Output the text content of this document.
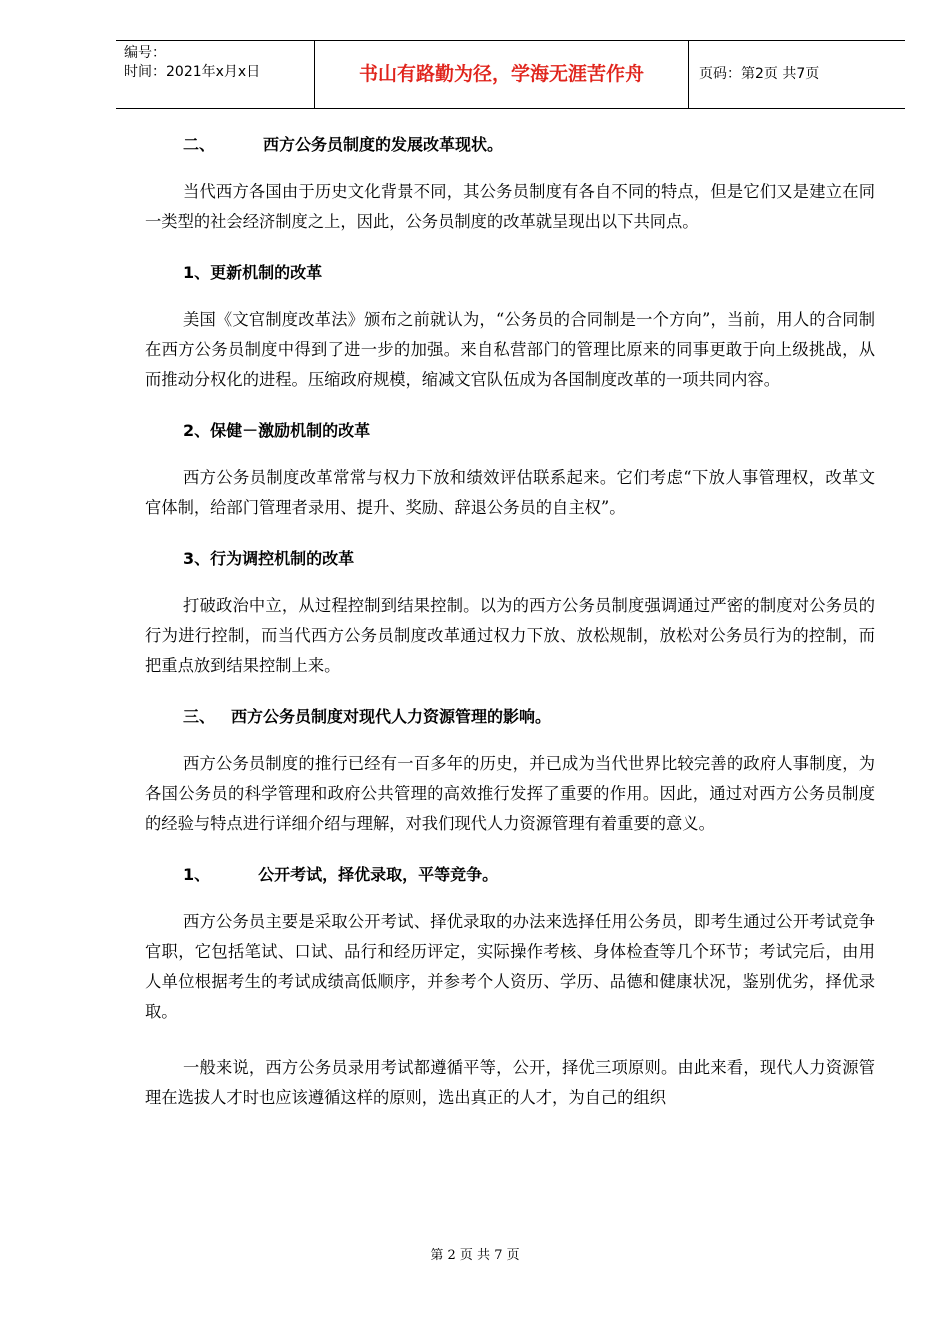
编号：
时间：2021年x月x日	书山有路勤为径，学海无涯苦作舟	页码：第2页 共7页
二、	西方公务员制度的发展改革现状。

当代西方各国由于历史文化背景不同，其公务员制度有各自不同的特点，但是它们又是建立在同一类型的社会经济制度之上，因此，公务员制度的改革就呈现出以下共同点。

1、更新机制的改革

美国《文官制度改革法》颁布之前就认为，“公务员的合同制是一个方向”，当前，用人的合同制在西方公务员制度中得到了进一步的加强。来自私营部门的管理比原来的同事更敢于向上级挑战，从而推动分权化的进程。压缩政府规模，缩减文官队伍成为各国制度改革的一项共同内容。

2、保健－激励机制的改革

西方公务员制度改革常常与权力下放和绩效评估联系起来。它们考虑“下放人事管理权，改革文官体制，给部门管理者录用、提升、奖励、辞退公务员的自主权”。

3、行为调控机制的改革

打破政治中立，从过程控制到结果控制。以为的西方公务员制度强调通过严密的制度对公务员的行为进行控制，而当代西方公务员制度改革通过权力下放、放松规制，放松对公务员行为的控制，而把重点放到结果控制上来。

三、 西方公务员制度对现代人力资源管理的影响。

西方公务员制度的推行已经有一百多年的历史，并已成为当代世界比较完善的政府人事制度，为各国公务员的科学管理和政府公共管理的高效推行发挥了重要的作用。因此，通过对西方公务员制度的经验与特点进行详细介绍与理解，对我们现代人力资源管理有着重要的意义。

1、	公开考试，择优录取，平等竞争。

西方公务员主要是采取公开考试、择优录取的办法来选择任用公务员，即考生通过公开考试竞争官职，它包括笔试、口试、品行和经历评定，实际操作考核、身体检查等几个环节；考试完后，由用人单位根据考生的考试成绩高低顺序，并参考个人资历、学历、品德和健康状况，鉴别优劣，择优录取。

一般来说，西方公务员录用考试都遵循平等，公开，择优三项原则。由此来看，现代人力资源管理在选拔人才时也应该遵循这样的原则，选出真正的人才，为自己的组织

第 2 页 共 7 页
